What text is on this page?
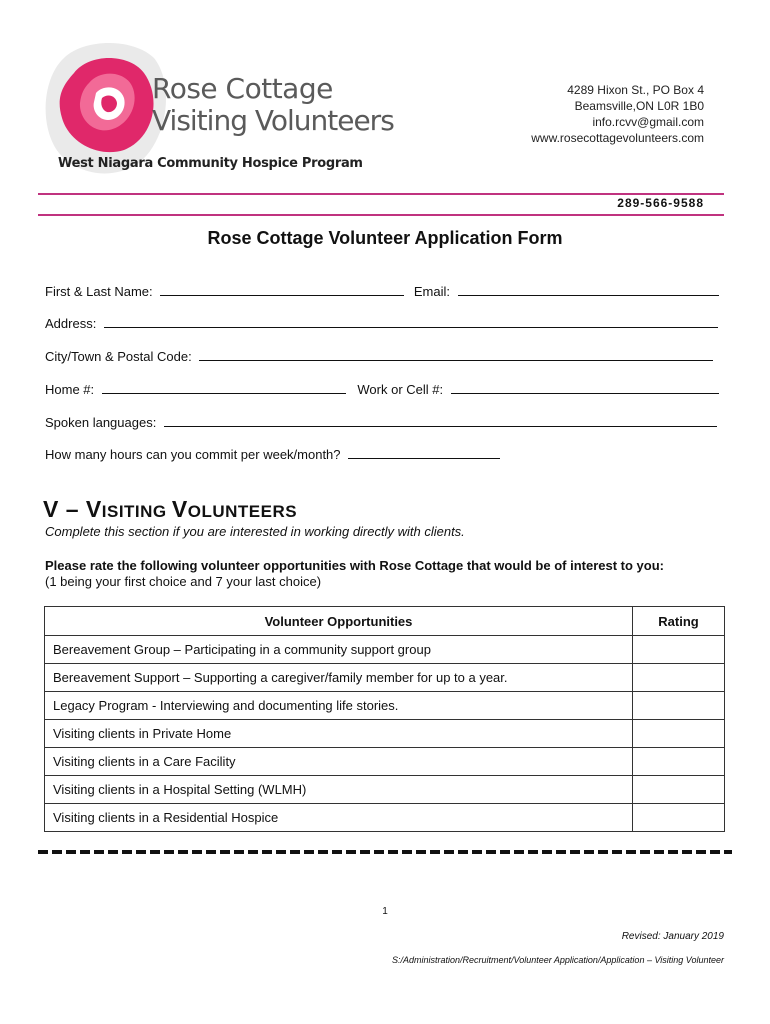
Rose Cottage
Visiting Volunteers
West Niagara Community Hospice Program
4289 Hixon St., PO Box 4
Beamsville,ON L0R 1B0
info.rcvv@gmail.com
www.rosecottagevolunteers.com
289-566-9588
Rose Cottage Volunteer Application Form
First & Last Name:	Email:
Address:
City/Town & Postal Code:
Home #:	Work or Cell #:
Spoken languages:
How many hours can you commit per week/month?
V – VISITING VOLUNTEERS
Complete this section if you are interested in working directly with clients.
Please rate the following volunteer opportunities with Rose Cottage that would be of interest to you:
(1 being your first choice and 7 your last choice)
Volunteer Opportunities	Rating
Bereavement Group – Participating in a community support group	
Bereavement Support – Supporting a caregiver/family member for up to a year.	
Legacy Program - Interviewing and documenting life stories.	
Visiting clients in Private Home	
Visiting clients in a Care Facility	
Visiting clients in a Hospital Setting (WLMH)	
Visiting clients in a Residential Hospice	
1
Revised: January 2019
S:/Administration/Recruitment/Volunteer Application/Application – Visiting Volunteer
